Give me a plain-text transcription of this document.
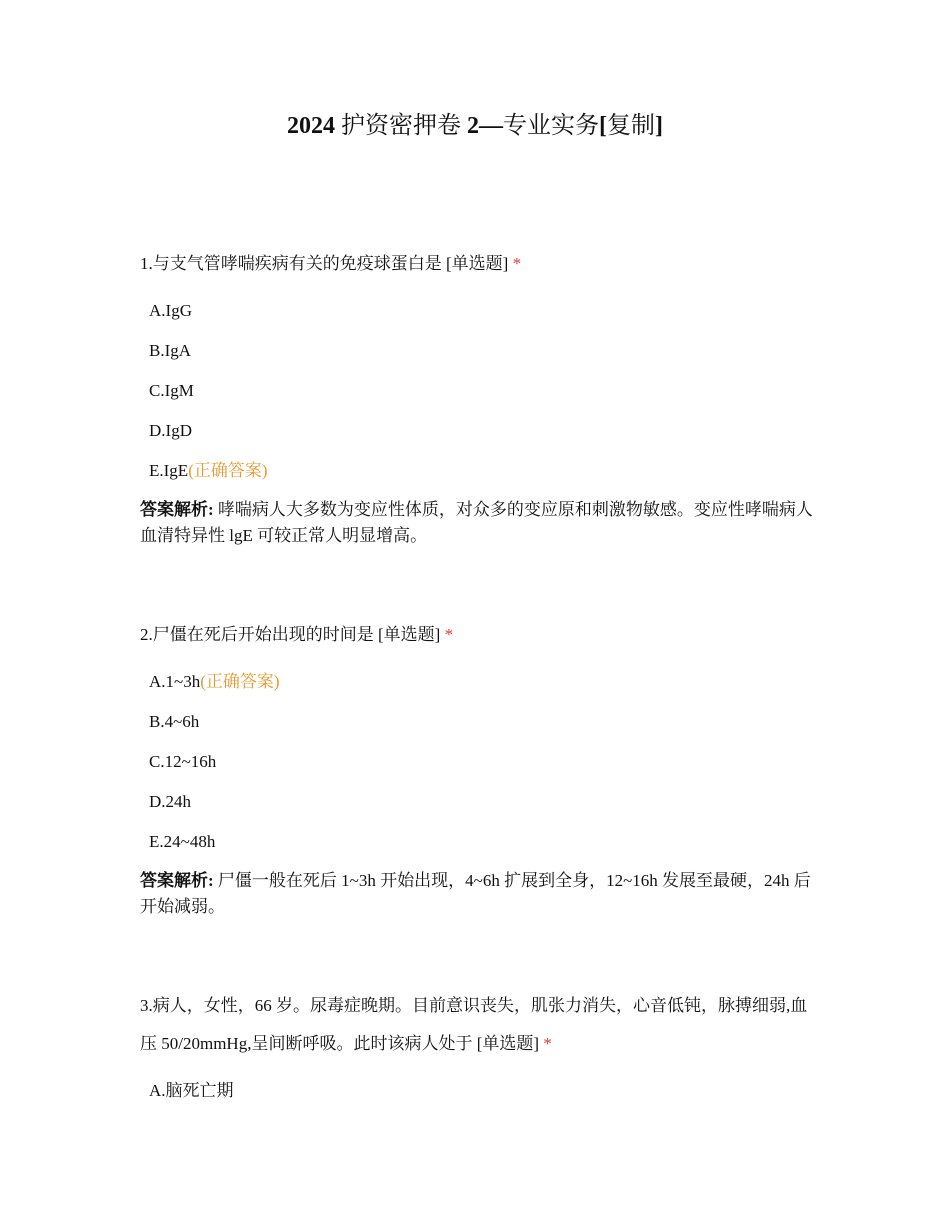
2024 护资密押卷 2—专业实务[复制]

1.与支气管哮喘疾病有关的免疫球蛋白是 [单选题] *

A.IgG
B.IgA
C.IgM
D.IgD
E.IgE(正确答案)

答案解析: 哮喘病人大多数为变应性体质，对众多的变应原和刺激物敏感。变应性哮喘病人血清特异性 lgE 可较正常人明显增高。

2.尸僵在死后开始出现的时间是 [单选题] *

A.1~3h(正确答案)
B.4~6h
C.12~16h
D.24h
E.24~48h

答案解析: 尸僵一般在死后 1~3h 开始出现，4~6h 扩展到全身，12~16h 发展至最硬，24h 后开始减弱。

3.病人，女性，66 岁。尿毒症晚期。目前意识丧失，肌张力消失，心音低钝，脉搏细弱,血压 50/20mmHg,呈间断呼吸。此时该病人处于 [单选题] *

A.脑死亡期
